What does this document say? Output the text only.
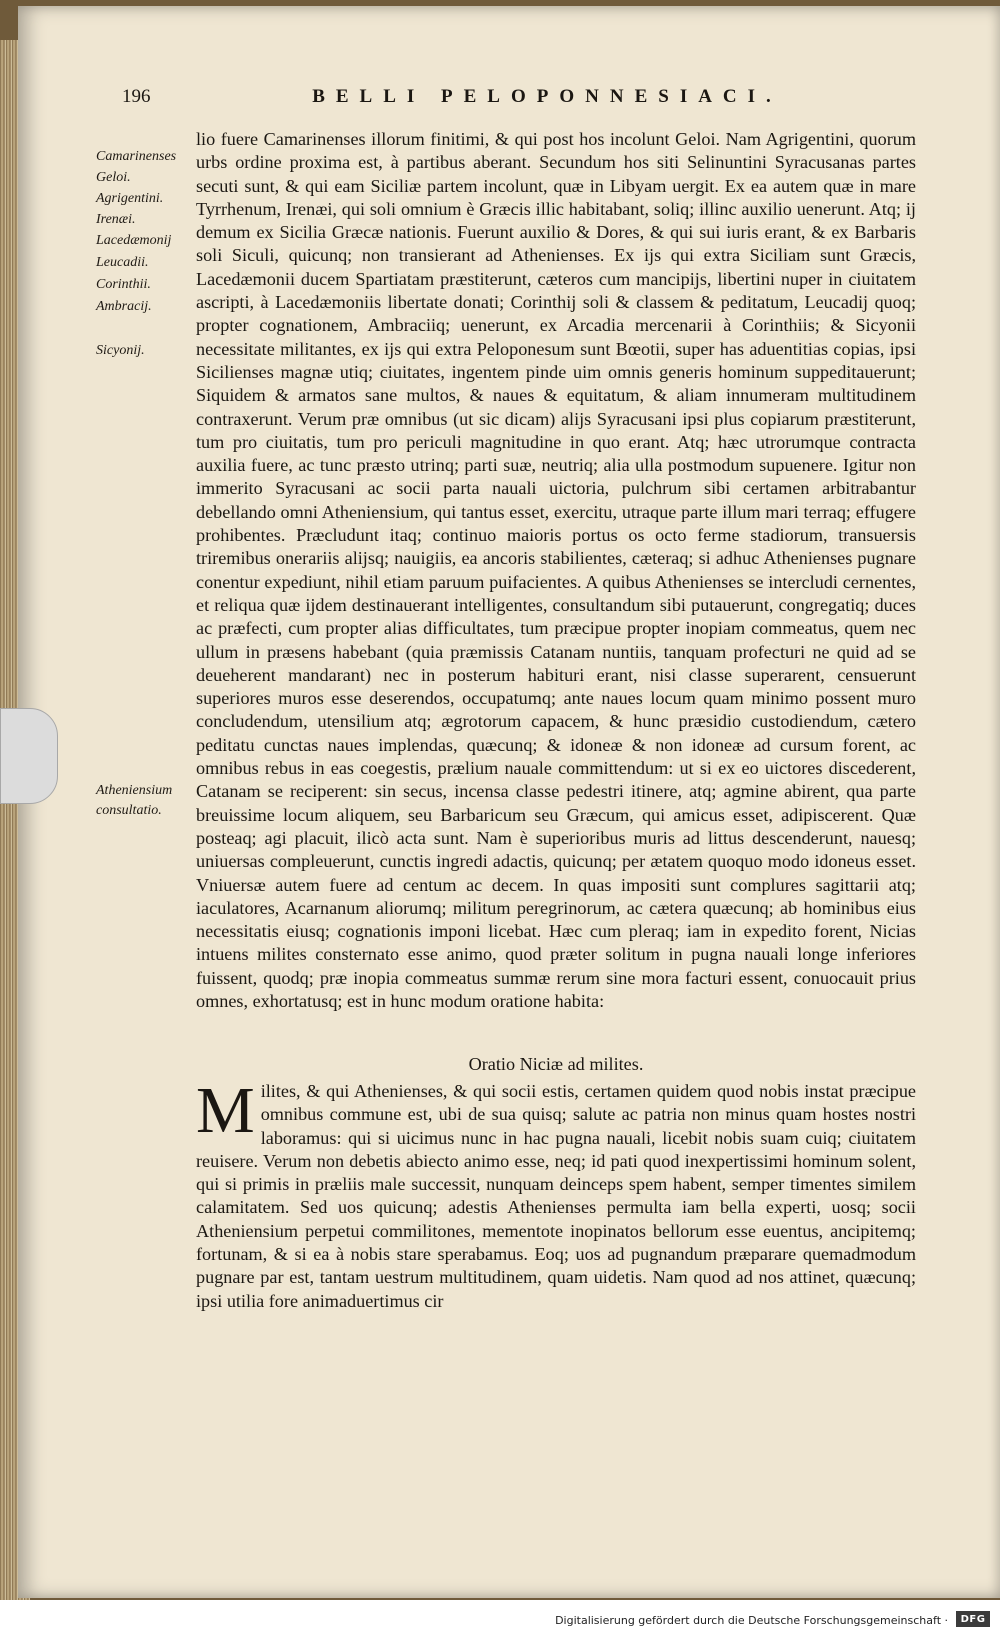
196	BELLI PELOPONNESIACI.
Camarinenses
Geloi.
Agrigentini.
Irenæi.
Lacedæmonij
Leucadii.
Corinthii.
Ambracij.
Sicyonij.
Atheniensium
consultatio.

lio fuere Camarinenses illorum finitimi, & qui post hos incolunt Geloi. Nam Agrigentini, quorum urbs ordine proxima est, à partibus aberant. Secundum hos siti Selinuntini Syracusanas partes secuti sunt, & qui eam Siciliæ partem incolunt, quæ in Libyam uergit. Ex ea autem quæ in mare Tyrrhenum, Irenæi, qui soli omnium è Græcis illic habitabant, soliq; illinc auxilio uenerunt. Atq; ij demum ex Sicilia Græcæ nationis. Fuerunt auxilio & Dores, & qui sui iuris erant, & ex Barbaris soli Siculi, quicunq; non transierant ad Athenienses. Ex ijs qui extra Siciliam sunt Græcis, Lacedæmonii ducem Spartiatam præstiterunt, cæteros cum mancipijs, libertini nuper in ciuitatem ascripti, à Lacedæmoniis libertate donati; Corinthij soli & classem & peditatum, Leucadij quoq; propter cognationem, Ambraciiq; uenerunt, ex Arcadia mercenarii à Corinthiis; & Sicyonii necessitate militantes, ex ijs qui extra Peloponesum sunt Bœotii, super has aduentitias copias, ipsi Sicilienses magnæ utiq; ciuitates, ingentem pinde uim omnis generis hominum suppeditauerunt; Siquidem & armatos sane multos, & naues & equitatum, & aliam innumeram multitudinem contraxerunt. Verum præ omnibus (ut sic dicam) alijs Syracusani ipsi plus copiarum præstiterunt, tum pro ciuitatis, tum pro periculi magnitudine in quo erant. Atq; hæc utrorumque contracta auxilia fuere, ac tunc præsto utrinq; parti suæ, neutriq; alia ulla postmodum supuenere. Igitur non immerito Syracusani ac socii parta nauali uictoria, pulchrum sibi certamen arbitrabantur debellando omni Atheniensium, qui tantus esset, exercitu, utraque parte illum mari terraq; effugere prohibentes. Præcludunt itaq; continuo maioris portus os octo ferme stadiorum, transuersis triremibus onerariis alijsq; nauigiis, ea ancoris stabilientes, cæteraq; si adhuc Athenienses pugnare conentur expediunt, nihil etiam paruum puifacientes. A quibus Athenienses se intercludi cernentes, et reliqua quæ ijdem destinauerant intelligentes, consultandum sibi putauerunt, congregatiq; duces ac præfecti, cum propter alias difficultates, tum præcipue propter inopiam commeatus, quem nec ullum in præsens habebant (quia præmissis Catanam nuntiis, tanquam profecturi ne quid ad se deueherent mandarant) nec in posterum habituri erant, nisi classe superarent, censuerunt superiores muros esse deserendos, occupatumq; ante naues locum quam minimo possent muro concludendum, utensilium atq; ægrotorum capacem, & hunc præsidio custodiendum, cætero peditatu cunctas naues implendas, quæcunq; & idoneæ & non idoneæ ad cursum forent, ac omnibus rebus in eas coegestis, prælium nauale committendum: ut si ex eo uictores discederent, Catanam se reciperent: sin secus, incensa classe pedestri itinere, atq; agmine abirent, qua parte breuissime locum aliquem, seu Barbaricum seu Græcum, qui amicus esset, adipiscerent. Quæ posteaq; agi placuit, ilicò acta sunt. Nam è superioribus muris ad littus descenderunt, nauesq; uniuersas compleuerunt, cunctis ingredi adactis, quicunq; per ætatem quoquo modo idoneus esset. Vniuersæ autem fuere ad centum ac decem. In quas impositi sunt complures sagittarii atq; iaculatores, Acarnanum aliorumq; militum peregrinorum, ac cætera quæcunq; ab hominibus eius necessitatis eiusq; cognationis imponi licebat. Hæc cum pleraq; iam in expedito forent, Nicias intuens milites consternato esse animo, quod præter solitum in pugna nauali longe inferiores fuissent, quodq; præ inopia commeatus summæ rerum sine mora facturi essent, conuocauit prius omnes, exhortatusq; est in hunc modum oratione habita:

Oratio Niciæ ad milites.

Milites, & qui Athenienses, & qui socii estis, certamen quidem quod nobis instat præcipue omnibus commune est, ubi de sua quisq; salute ac patria non minus quam hostes nostri laboramus: qui si uicimus nunc in hac pugna nauali, licebit nobis suam cuiq; ciuitatem reuisere. Verum non debetis abiecto animo esse, neq; id pati quod inexpertissimi hominum solent, qui si primis in præliis male successit, nunquam deinceps spem habent, semper timentes similem calamitatem. Sed uos quicunq; adestis Athenienses permulta iam bella experti, uosq; socii Atheniensium perpetui commilitones, mementote inopinatos bellorum esse euentus, ancipitemq; fortunam, & si ea à nobis stare sperabamus. Eoq; uos ad pugnandum præparare quemadmodum pugnare par est, tantam uestrum multitudinem, quam uidetis. Nam quod ad nos attinet, quæcunq; ipsi utilia fore animaduertimus cir

Digitalisierung gefördert durch die Deutsche Forschungsgemeinschaft ·	DFG
